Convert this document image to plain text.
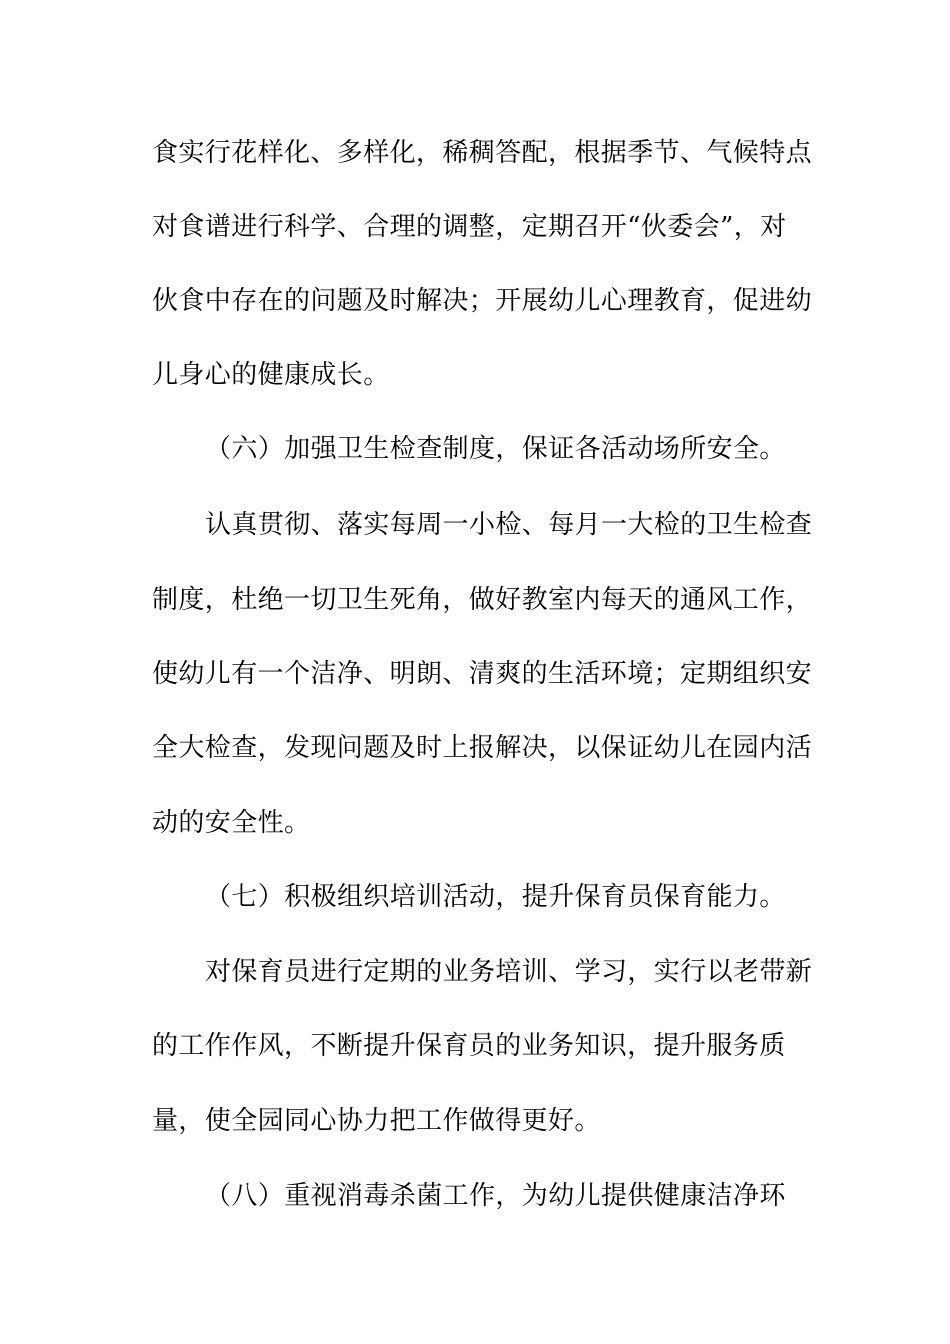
食实行花样化、多样化，稀稠答配，根据季节、气候特点
对食谱进行科学、合理的调整，定期召开“伙委会”，对
伙食中存在的问题及时解决；开展幼儿心理教育，促进幼
儿身心的健康成长。
（六）加强卫生检查制度，保证各活动场所安全。
认真贯彻、落实每周一小检、每月一大检的卫生检查
制度，杜绝一切卫生死角，做好教室内每天的通风工作，
使幼儿有一个洁净、明朗、清爽的生活环境；定期组织安
全大检查，发现问题及时上报解决，以保证幼儿在园内活
动的安全性。
（七）积极组织培训活动，提升保育员保育能力。
对保育员进行定期的业务培训、学习，实行以老带新
的工作作风，不断提升保育员的业务知识，提升服务质
量，使全园同心协力把工作做得更好。
（八）重视消毒杀菌工作，为幼儿提供健康洁净环
